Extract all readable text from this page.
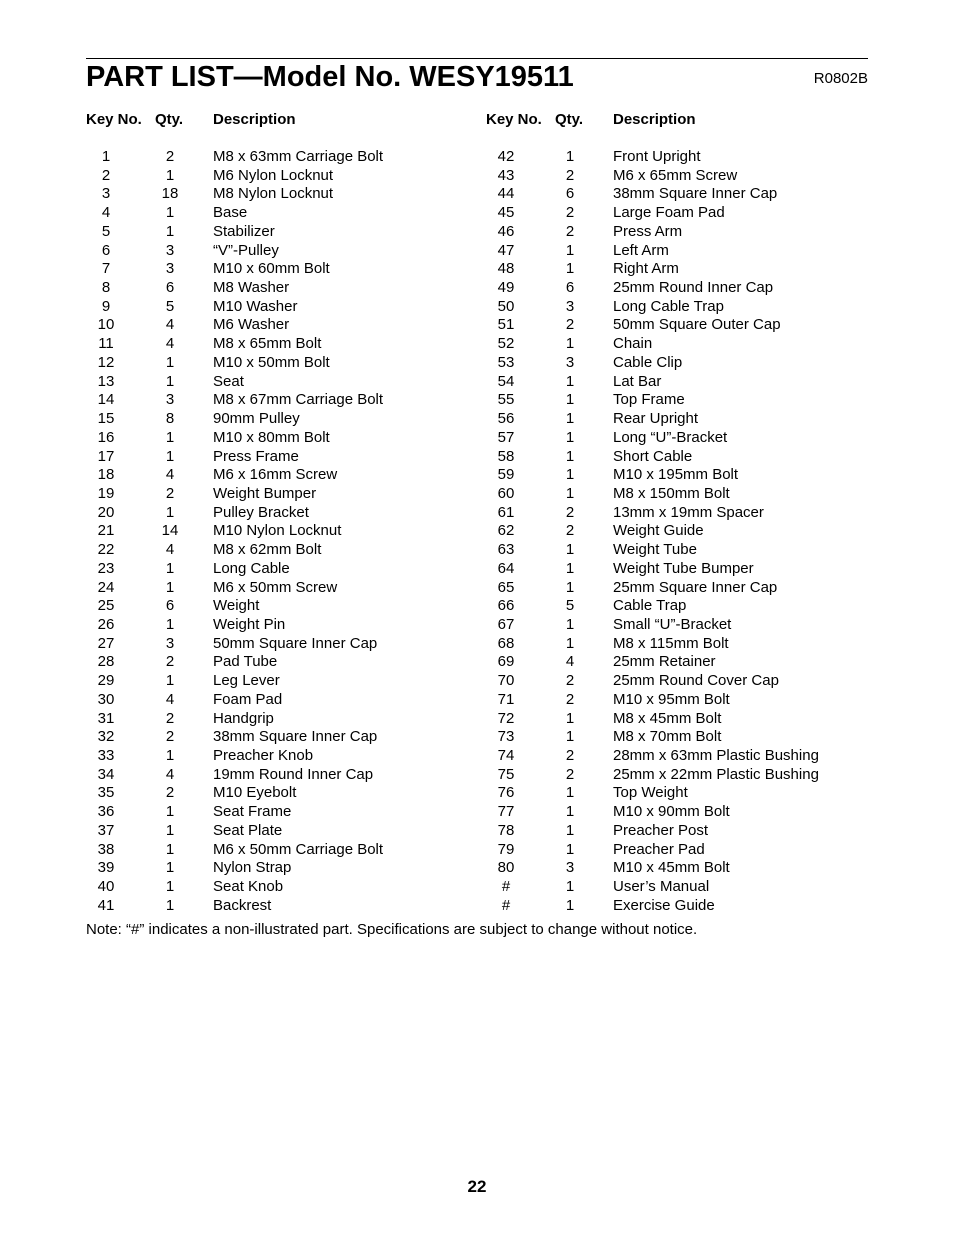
PART LIST—Model No. WESY19511	R0802B
Key No. Qty. Description
1	2	M8 x 63mm Carriage Bolt
2	1	M6 Nylon Locknut
3	18	M8 Nylon Locknut
4	1	Base
5	1	Stabilizer
6	3	“V”-Pulley
7	3	M10 x 60mm Bolt
8	6	M8 Washer
9	5	M10 Washer
10	4	M6 Washer
11	4	M8 x 65mm Bolt
12	1	M10 x 50mm Bolt
13	1	Seat
14	3	M8 x 67mm Carriage Bolt
15	8	90mm Pulley
16	1	M10 x 80mm Bolt
17	1	Press Frame
18	4	M6 x 16mm Screw
19	2	Weight Bumper
20	1	Pulley Bracket
21	14	M10 Nylon Locknut
22	4	M8 x 62mm Bolt
23	1	Long Cable
24	1	M6 x 50mm Screw
25	6	Weight
26	1	Weight Pin
27	3	50mm Square Inner Cap
28	2	Pad Tube
29	1	Leg Lever
30	4	Foam Pad
31	2	Handgrip
32	2	38mm Square Inner Cap
33	1	Preacher Knob
34	4	19mm Round Inner Cap
35	2	M10 Eyebolt
36	1	Seat Frame
37	1	Seat Plate
38	1	M6 x 50mm Carriage Bolt
39	1	Nylon Strap
40	1	Seat Knob
41	1	Backrest
Key No. Qty. Description
42	1	Front Upright
43	2	M6 x 65mm Screw
44	6	38mm Square Inner Cap
45	2	Large Foam Pad
46	2	Press Arm
47	1	Left Arm
48	1	Right Arm
49	6	25mm Round Inner Cap
50	3	Long Cable Trap
51	2	50mm Square Outer Cap
52	1	Chain
53	3	Cable Clip
54	1	Lat Bar
55	1	Top Frame
56	1	Rear Upright
57	1	Long “U”-Bracket
58	1	Short Cable
59	1	M10 x 195mm Bolt
60	1	M8 x 150mm Bolt
61	2	13mm x 19mm Spacer
62	2	Weight Guide
63	1	Weight Tube
64	1	Weight Tube Bumper
65	1	25mm Square Inner Cap
66	5	Cable Trap
67	1	Small “U”-Bracket
68	1	M8 x 115mm Bolt
69	4	25mm Retainer
70	2	25mm Round Cover Cap
71	2	M10 x 95mm Bolt
72	1	M8 x 45mm Bolt
73	1	M8 x 70mm Bolt
74	2	28mm x 63mm Plastic Bushing
75	2	25mm x 22mm Plastic Bushing
76	1	Top Weight
77	1	M10 x 90mm Bolt
78	1	Preacher Post
79	1	Preacher Pad
80	3	M10 x 45mm Bolt
#	1	User’s Manual
#	1	Exercise Guide
Note: “#” indicates a non-illustrated part. Specifications are subject to change without notice.
22
